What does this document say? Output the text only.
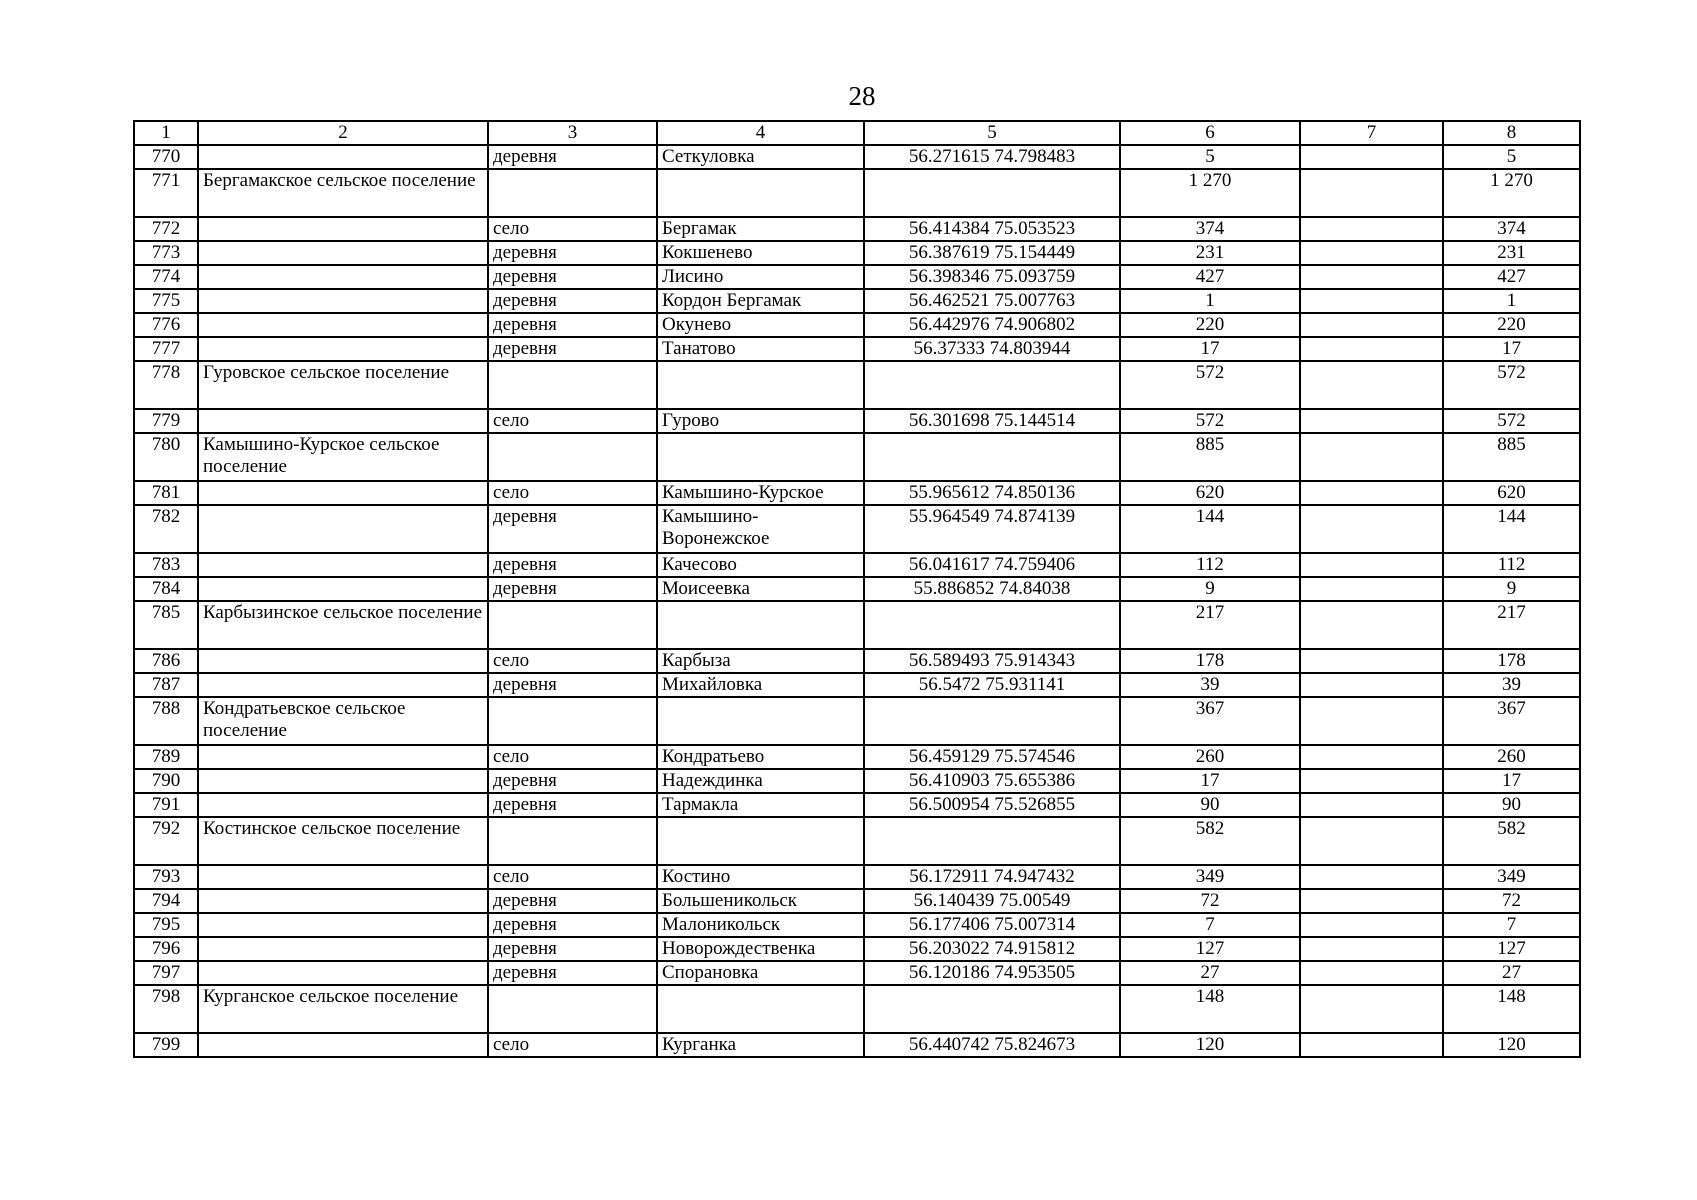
28
1	2	3	4	5	6	7	8
770		деревня	Сеткуловка	56.271615 74.798483	5		5
771	Бергамакское сельское поселение				1 270		1 270
772		село	Бергамак	56.414384 75.053523	374		374
773		деревня	Кокшенево	56.387619 75.154449	231		231
774		деревня	Лисино	56.398346 75.093759	427		427
775		деревня	Кордон Бергамак	56.462521 75.007763	1		1
776		деревня	Окунево	56.442976 74.906802	220		220
777		деревня	Танатово	56.37333 74.803944	17		17
778	Гуровское сельское поселение				572		572
779		село	Гурово	56.301698 75.144514	572		572
780	Камышино-Курское сельское поселение				885		885
781		село	Камышино-Курское	55.965612 74.850136	620		620
782		деревня	Камышино-Воронежское	55.964549 74.874139	144		144
783		деревня	Качесово	56.041617 74.759406	112		112
784		деревня	Моисеевка	55.886852 74.84038	9		9
785	Карбызинское сельское поселение				217		217
786		село	Карбыза	56.589493 75.914343	178		178
787		деревня	Михайловка	56.5472 75.931141	39		39
788	Кондратьевское сельское поселение				367		367
789		село	Кондратьево	56.459129 75.574546	260		260
790		деревня	Надеждинка	56.410903 75.655386	17		17
791		деревня	Тармакла	56.500954 75.526855	90		90
792	Костинское сельское поселение				582		582
793		село	Костино	56.172911 74.947432	349		349
794		деревня	Большеникольск	56.140439 75.00549	72		72
795		деревня	Малоникольск	56.177406 75.007314	7		7
796		деревня	Новорождественка	56.203022 74.915812	127		127
797		деревня	Спорановка	56.120186 74.953505	27		27
798	Курганское сельское поселение				148		148
799		село	Курганка	56.440742 75.824673	120		120
